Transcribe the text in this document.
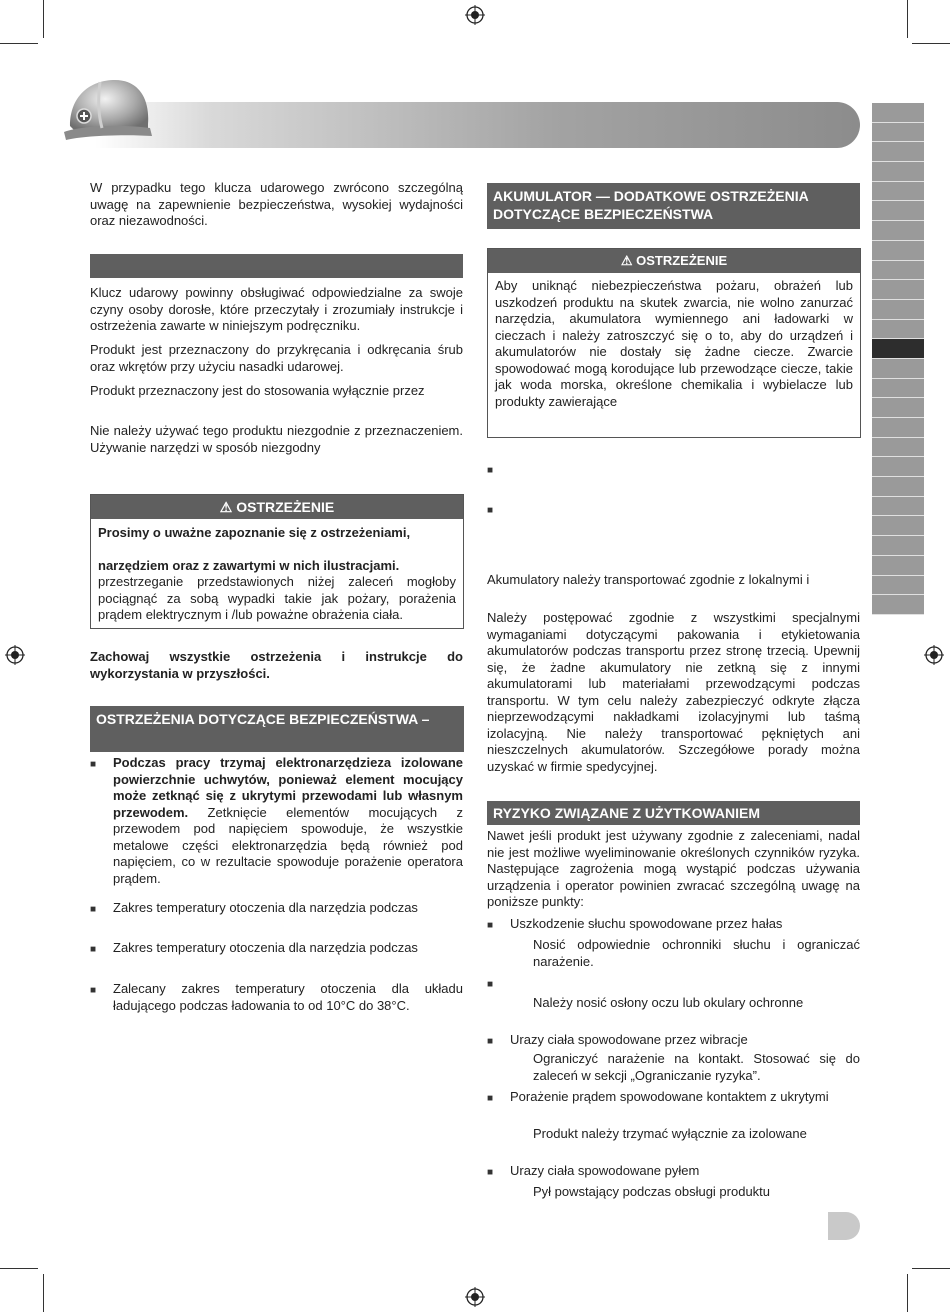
W przypadku tego klucza udarowego zwrócono szczególną uwagę na zapewnienie bezpieczeństwa, wysokiej wydajności oraz niezawodności.

Klucz udarowy powinny obsługiwać odpowiedzialne za swoje czyny osoby dorosłe, które przeczytały i zrozumiały instrukcje i ostrzeżenia zawarte w niniejszym podręczniku.

Produkt jest przeznaczony do przykręcania i odkręcania śrub oraz wkrętów przy użyciu nasadki udarowej.

Produkt przeznaczony jest do stosowania wyłącznie przez

Nie należy używać tego produktu niezgodnie z przeznaczeniem. Używanie narzędzi w sposób niezgodny

⚠ OSTRZEŻENIE

Prosimy o uważne zapoznanie się z ostrzeżeniami,

narzędziem oraz z zawartymi w nich ilustracjami.

przestrzeganie przedstawionych niżej zaleceń mogłoby pociągnąć za sobą wypadki takie jak pożary, porażenia prądem elektrycznym i /lub poważne obrażenia ciała.

Zachowaj wszystkie ostrzeżenia i instrukcje do wykorzystania w przyszłości.

OSTRZEŻENIA DOTYCZĄCE BEZPIECZEŃSTWA –
■ Podczas pracy trzymaj elektronarzędzieza izolowane powierzchnie uchwytów, ponieważ element mocujący może zetknąć się z ukrytymi przewodami lub własnym przewodem. Zetknięcie elementów mocujących z przewodem pod napięciem spowoduje, że wszystkie metalowe części elektronarzędzia będą również pod napięciem, co w rezultacie spowoduje porażenie operatora prądem.

■ Zakres temperatury otoczenia dla narzędzia podczas

■ Zakres temperatury otoczenia dla narzędzia podczas

■ Zalecany zakres temperatury otoczenia dla układu ładującego podczas ładowania to od 10°C do 38°C.

AKUMULATOR — DODATKOWE OSTRZEŻENIA DOTYCZĄCE BEZPIECZEŃSTWA
⚠ OSTRZEŻENIE

Aby uniknąć niebezpieczeństwa pożaru, obrażeń lub uszkodzeń produktu na skutek zwarcia, nie wolno zanurzać narzędzia, akumulatora wymiennego ani ładowarki w cieczach i należy zatroszczyć się o to, aby do urządzeń i akumulatorów nie dostały się żadne ciecze. Zwarcie spowodować mogą korodujące lub przewodzące ciecze, takie jak woda morska, określone chemikalia i wybielacze lub produkty zawierające

■
■

Akumulatory należy transportować zgodnie z lokalnymi i

Należy postępować zgodnie z wszystkimi specjalnymi wymaganiami dotyczącymi pakowania i etykietowania akumulatorów podczas transportu przez stronę trzecią. Upewnij się, że żadne akumulatory nie zetkną się z innymi akumulatorami lub materiałami przewodzącymi podczas transportu. W tym celu należy zabezpieczyć odkryte złącza nieprzewodzącymi nakładkami izolacyjnymi lub taśmą izolacyjną. Nie należy transportować pękniętych ani nieszczelnych akumulatorów. Szczegółowe porady można uzyskać w firmie spedycyjnej.

RYZYKO ZWIĄZANE Z UŻYTKOWANIEM

Nawet jeśli produkt jest używany zgodnie z zaleceniami, nadal nie jest możliwe wyeliminowanie określonych czynników ryzyka. Następujące zagrożenia mogą wystąpić podczas używania urządzenia i operator powinien zwracać szczególną uwagę na poniższe punkty:

■ Uszkodzenie słuchu spowodowane przez hałas

Nosić odpowiednie ochronniki słuchu i ograniczać narażenie.

■

Należy nosić osłony oczu lub okulary ochronne

■ Urazy ciała spowodowane przez wibracje

Ograniczyć narażenie na kontakt. Stosować się do zaleceń w sekcji „Ograniczanie ryzyka”.

■ Porażenie prądem spowodowane kontaktem z ukrytymi

Produkt należy trzymać wyłącznie za izolowane

■ Urazy ciała spowodowane pyłem

Pył powstający podczas obsługi produktu
